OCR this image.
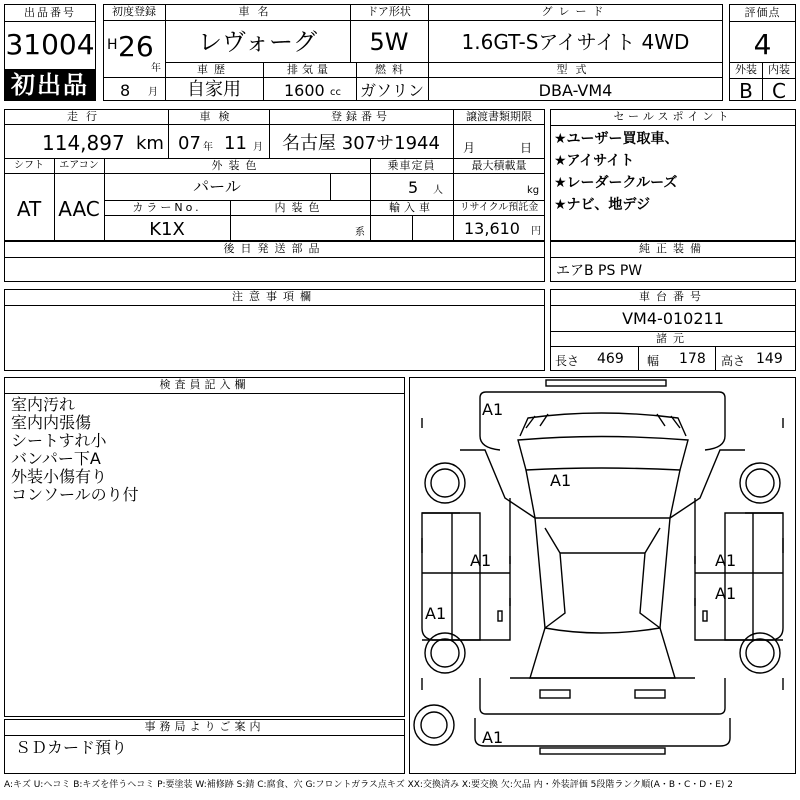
出品番号
31004
初出品
初度登録
H 26
年
8 月
車名
レヴォーグ
ドア形状
5W
グレード
1.6GT-Sアイサイト 4WD
車歴
自家用
排気量
1600 cc
燃料
ガソリン
型式
DBA-VM4
評価点
4
外装	内装
B C
走行
114,897 km
車検
07 年 11 月
登録番号
名古屋 307サ1944
譲渡書類期限
月	日
シフト
AT
エアコン
AAC
外装色
パール
乗車定員
5 人
最大積載量
kg
カラーNo.
K1X
内装色
系
輸入車	リサイクル預託金
13,610 円
後日発送部品
セールスポイント
★ユーザー買取車、
★アイサイト
★レーダークルーズ
★ナビ、地デジ
純正装備
エアB PS PW
注意事項欄	車台番号
VM4-010211
諸元
長さ 469 幅 178 高さ 149
検査員記入欄
室内汚れ
室内内張傷
シートすれ小
バンパー下A
外装小傷有り
コンソールのり付
事務局よりご案内
ＳＤカード預り
A1
A1
A1	A1
A1
A1
A1
A:キズ U:ヘコミ B:キズを伴うヘコミ P:要塗装 W:補修跡 S:錆 C:腐食、穴 G:フロントガラス点キズ XX:交換済み X:要交換 欠:欠品 内・外装評価 5段階ランク順(A・B・C・D・E) 2
